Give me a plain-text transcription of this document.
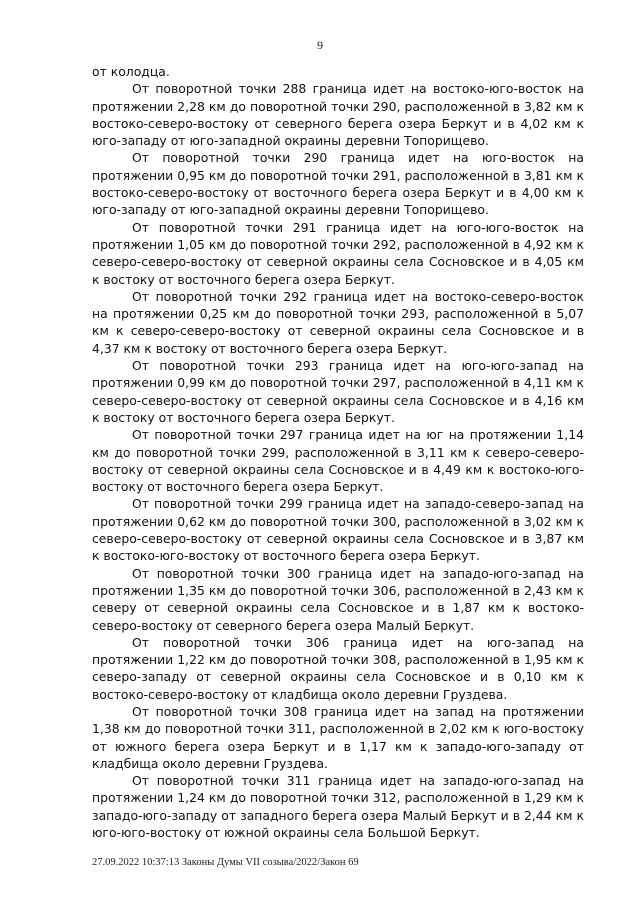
9

от колодца.

От поворотной точки 288 граница идет на востоко-юго-восток на протяжении 2,28 км до поворотной точки 290, расположенной в 3,82 км к востоко-северо-востоку от северного берега озера Беркут и в 4,02 км к юго-западу от юго-западной окраины деревни Топорищево.

От поворотной точки 290 граница идет на юго-восток на протяжении 0,95 км до поворотной точки 291, расположенной в 3,81 км к востоко-северо-востоку от восточного берега озера Беркут и в 4,00 км к юго-западу от юго-западной окраины деревни Топорищево.

От поворотной точки 291 граница идет на юго-юго-восток на протяжении 1,05 км до поворотной точки 292, расположенной в 4,92 км к северо-северо-востоку от северной окраины села Сосновское и в 4,05 км к востоку от восточного берега озера Беркут.

От поворотной точки 292 граница идет на востоко-северо-восток на протяжении 0,25 км до поворотной точки 293, расположенной в 5,07 км к северо-северо-востоку от северной окраины села Сосновское и в 4,37 км к востоку от восточного берега озера Беркут.

От поворотной точки 293 граница идет на юго-юго-запад на протяжении 0,99 км до поворотной точки 297, расположенной в 4,11 км к северо-северо-востоку от северной окраины села Сосновское и в 4,16 км к востоку от восточного берега озера Беркут.

От поворотной точки 297 граница идет на юг на протяжении 1,14 км до поворотной точки 299, расположенной в 3,11 км к северо-северо-востоку от северной окраины села Сосновское и в 4,49 км к востоко-юго-востоку от восточного берега озера Беркут.

От поворотной точки 299 граница идет на западо-северо-запад на протяжении 0,62 км до поворотной точки 300, расположенной в 3,02 км к северо-северо-востоку от северной окраины села Сосновское и в 3,87 км к востоко-юго-востоку от восточного берега озера Беркут.

От поворотной точки 300 граница идет на западо-юго-запад на протяжении 1,35 км до поворотной точки 306, расположенной в 2,43 км к северу от северной окраины села Сосновское и в 1,87 км к востоко-северо-востоку от северного берега озера Малый Беркут.

От поворотной точки 306 граница идет на юго-запад на протяжении 1,22 км до поворотной точки 308, расположенной в 1,95 км к северо-западу от северной окраины села Сосновское и в 0,10 км к востоко-северо-востоку от кладбища около деревни Груздева.

От поворотной точки 308 граница идет на запад на протяжении 1,38 км до поворотной точки 311, расположенной в 2,02 км к юго-востоку от южного берега озера Беркут и в 1,17 км к западо-юго-западу от кладбища около деревни Груздева.

От поворотной точки 311 граница идет на западо-юго-запад на протяжении 1,24 км до поворотной точки 312, расположенной в 1,29 км к западо-юго-западу от западного берега озера Малый Беркут и в 2,44 км к юго-юго-востоку от южной окраины села Большой Беркут.

27.09.2022 10:37:13 Законы Думы VII созыва/2022/Закон 69
